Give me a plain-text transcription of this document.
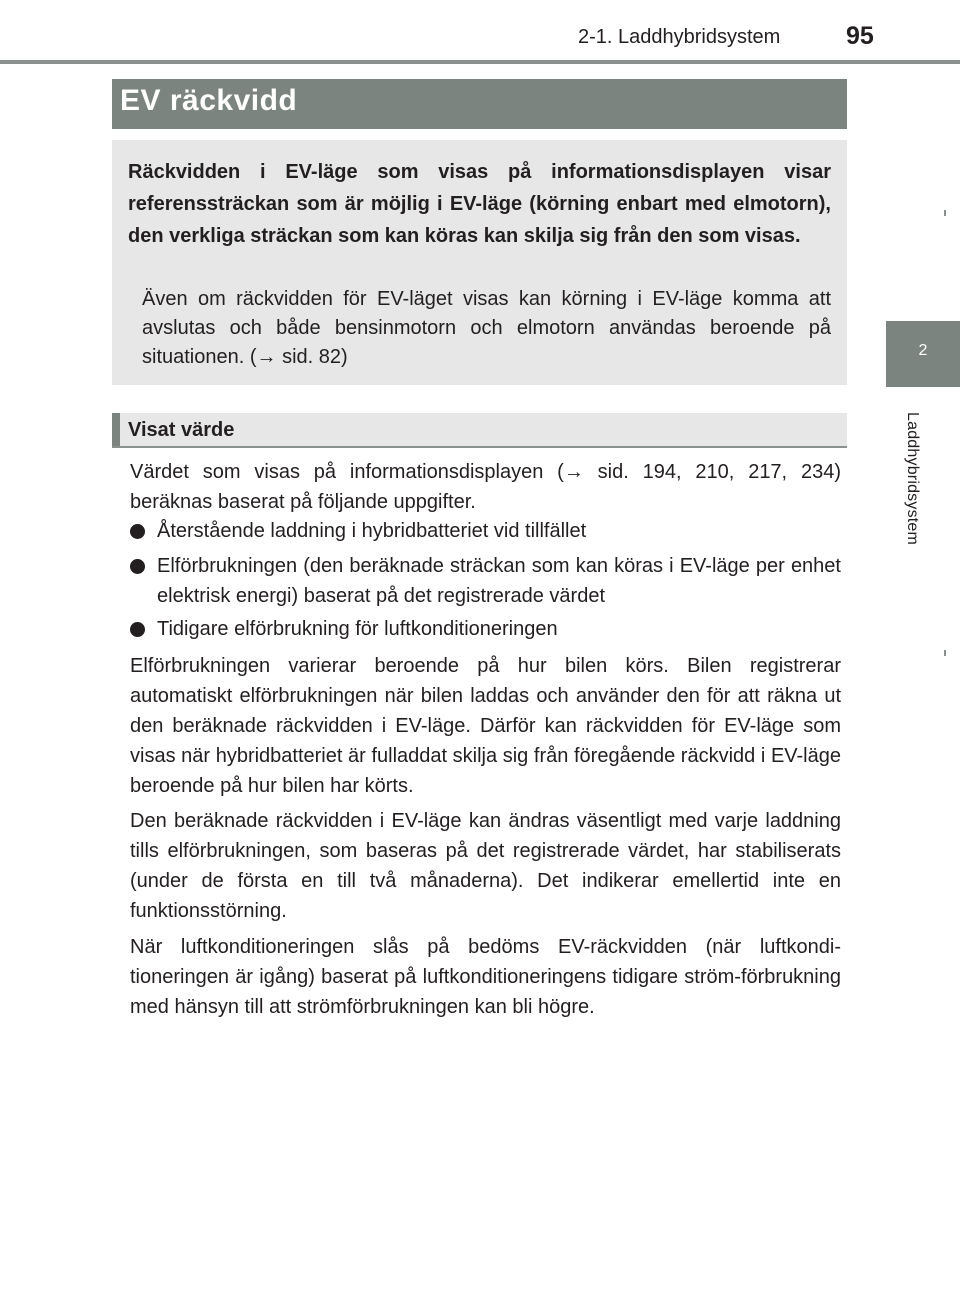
2-1. Laddhybridsystem	95
2
Laddhybridsystem
EV räckvidd
Räckvidden i EV-läge som visas på informationsdisplayen visar referenssträckan som är möjlig i EV-läge (körning enbart med elmotorn), den verkliga sträckan som kan köras kan skilja sig från den som visas.
Även om räckvidden för EV-läget visas kan körning i EV-läge komma att avslutas och både bensinmotorn och elmotorn användas beroende på situationen. (→ sid. 82)
Visat värde
Värdet som visas på informationsdisplayen (→ sid. 194, 210, 217, 234) beräknas baserat på följande uppgifter.
Återstående laddning i hybridbatteriet vid tillfället
Elförbrukningen (den beräknade sträckan som kan köras i EV-läge per enhet elektrisk energi) baserat på det registrerade värdet
Tidigare elförbrukning för luftkonditioneringen
Elförbrukningen varierar beroende på hur bilen körs. Bilen registrerar automatiskt elförbrukningen när bilen laddas och använder den för att räkna ut den beräknade räckvidden i EV-läge. Därför kan räckvidden för EV-läge som visas när hybridbatteriet är fulladdat skilja sig från föregående räckvidd i EV-läge beroende på hur bilen har körts.
Den beräknade räckvidden i EV-läge kan ändras väsentligt med varje laddning tills elförbrukningen, som baseras på det registrerade värdet, har stabiliserats (under de första en till två månaderna). Det indikerar emellertid inte en funktionsstörning.
När luftkonditioneringen slås på bedöms EV-räckvidden (när luftkondi-tioneringen är igång) baserat på luftkonditioneringens tidigare ström-förbrukning med hänsyn till att strömförbrukningen kan bli högre.
